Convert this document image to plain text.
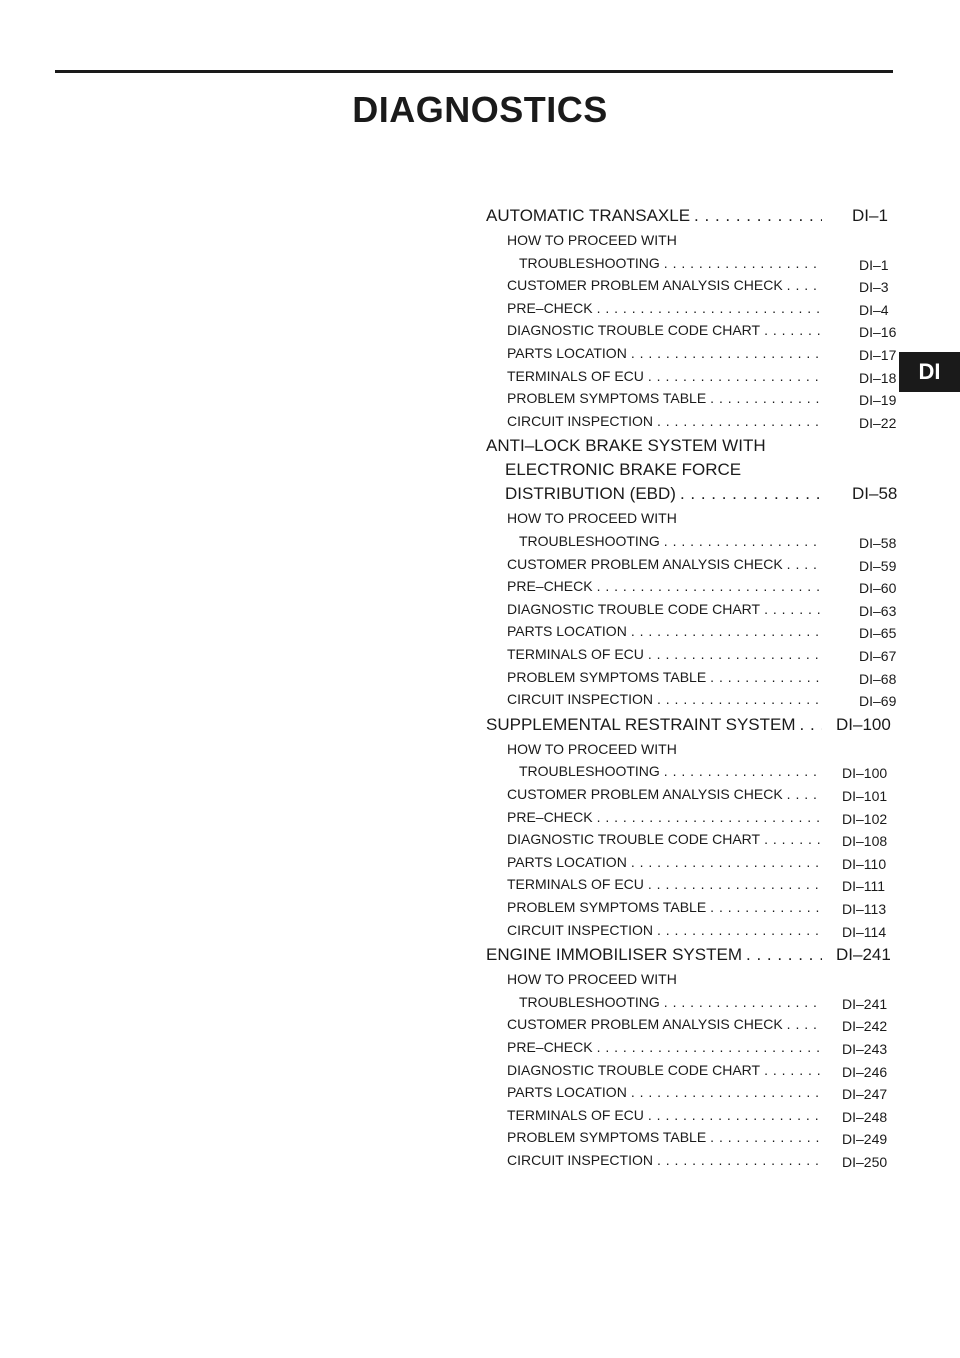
DIAGNOSTICS
DI
AUTOMATIC TRANSAXLE . . .	DI–1
HOW TO PROCEED WITH
TROUBLESHOOTING . . .	DI–1
CUSTOMER PROBLEM ANALYSIS CHECK . . .	DI–3
PRE–CHECK . . .	DI–4
DIAGNOSTIC TROUBLE CODE CHART . . .	DI–16
PARTS LOCATION . . .	DI–17
TERMINALS OF ECU . . .	DI–18
PROBLEM SYMPTOMS TABLE . . .	DI–19
CIRCUIT INSPECTION . . .	DI–22
ANTI–LOCK BRAKE SYSTEM WITH
ELECTRONIC BRAKE FORCE
DISTRIBUTION (EBD) . . .	DI–58
HOW TO PROCEED WITH
TROUBLESHOOTING . . .	DI–58
CUSTOMER PROBLEM ANALYSIS CHECK . . .	DI–59
PRE–CHECK . . .	DI–60
DIAGNOSTIC TROUBLE CODE CHART . . .	DI–63
PARTS LOCATION . . .	DI–65
TERMINALS OF ECU . . .	DI–67
PROBLEM SYMPTOMS TABLE . . .	DI–68
CIRCUIT INSPECTION . . .	DI–69
SUPPLEMENTAL RESTRAINT SYSTEM . . . DI–100
HOW TO PROCEED WITH
TROUBLESHOOTING . . .	DI–100
CUSTOMER PROBLEM ANALYSIS CHECK . . .	DI–101
PRE–CHECK . . .	DI–102
DIAGNOSTIC TROUBLE CODE CHART . . .	DI–108
PARTS LOCATION . . .	DI–110
TERMINALS OF ECU . . .	DI–111
PROBLEM SYMPTOMS TABLE . . .	DI–113
CIRCUIT INSPECTION . . .	DI–114
ENGINE IMMOBILISER SYSTEM . . .	DI–241
HOW TO PROCEED WITH
TROUBLESHOOTING . . .	DI–241
CUSTOMER PROBLEM ANALYSIS CHECK . . .	DI–242
PRE–CHECK . . .	DI–243
DIAGNOSTIC TROUBLE CODE CHART . . .	DI–246
PARTS LOCATION . . .	DI–247
TERMINALS OF ECU . . .	DI–248
PROBLEM SYMPTOMS TABLE . . .	DI–249
CIRCUIT INSPECTION . . .	DI–250
